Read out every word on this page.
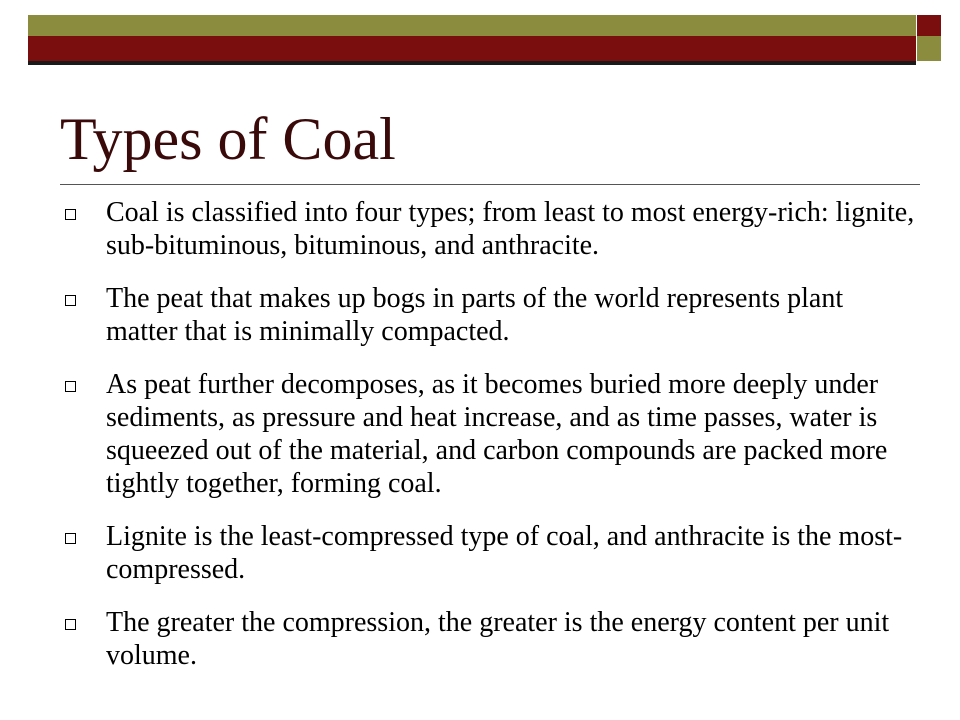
Types of Coal
Coal is classified into four types; from least to most energy-rich: lignite, sub-bituminous, bituminous, and anthracite.
The peat that makes up bogs in parts of the world represents plant matter that is minimally compacted.
As peat further decomposes, as it becomes buried more deeply under sediments, as pressure and heat increase, and as time passes, water is squeezed out of the material, and carbon compounds are packed more tightly together, forming coal.
Lignite is the least-compressed type of coal, and anthracite is the most-compressed.
The greater the compression, the greater is the energy content per unit volume.
